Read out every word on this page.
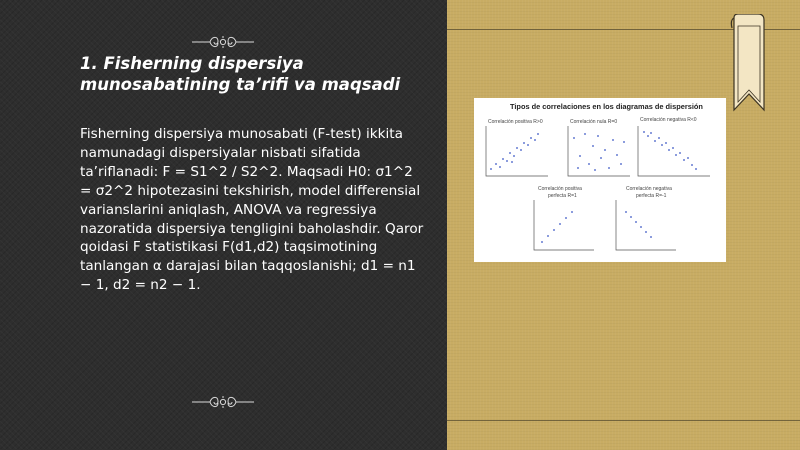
1. Fisherning dispersiya munosabatining ta’rifi va maqsadi
Fisherning dispersiya munosabati (F-test) ikkita namunadagi dispersiyalar nisbati sifatida ta’riflanadi: F = S1^2 / S2^2. Maqsadi H0: σ1^2 = σ2^2 hipotezasini tekshirish, model differensial varianslarini aniqlash, ANOVA va regressiya nazoratida dispersiya tengligini baholashdir. Qaror qoidasi F statistikasi F(d1,d2) taqsimotining tanlangan α darajasi bilan taqqoslanishi; d1 = n1 − 1, d2 = n2 − 1.
Tipos de correlaciones en los diagramas de dispersión
Correlación positiva R>0	Correlación nula R=0	Correlación negativa R<0
Correlación positiva
perfecta R=1
Correlación negativa
perfecta R=-1
